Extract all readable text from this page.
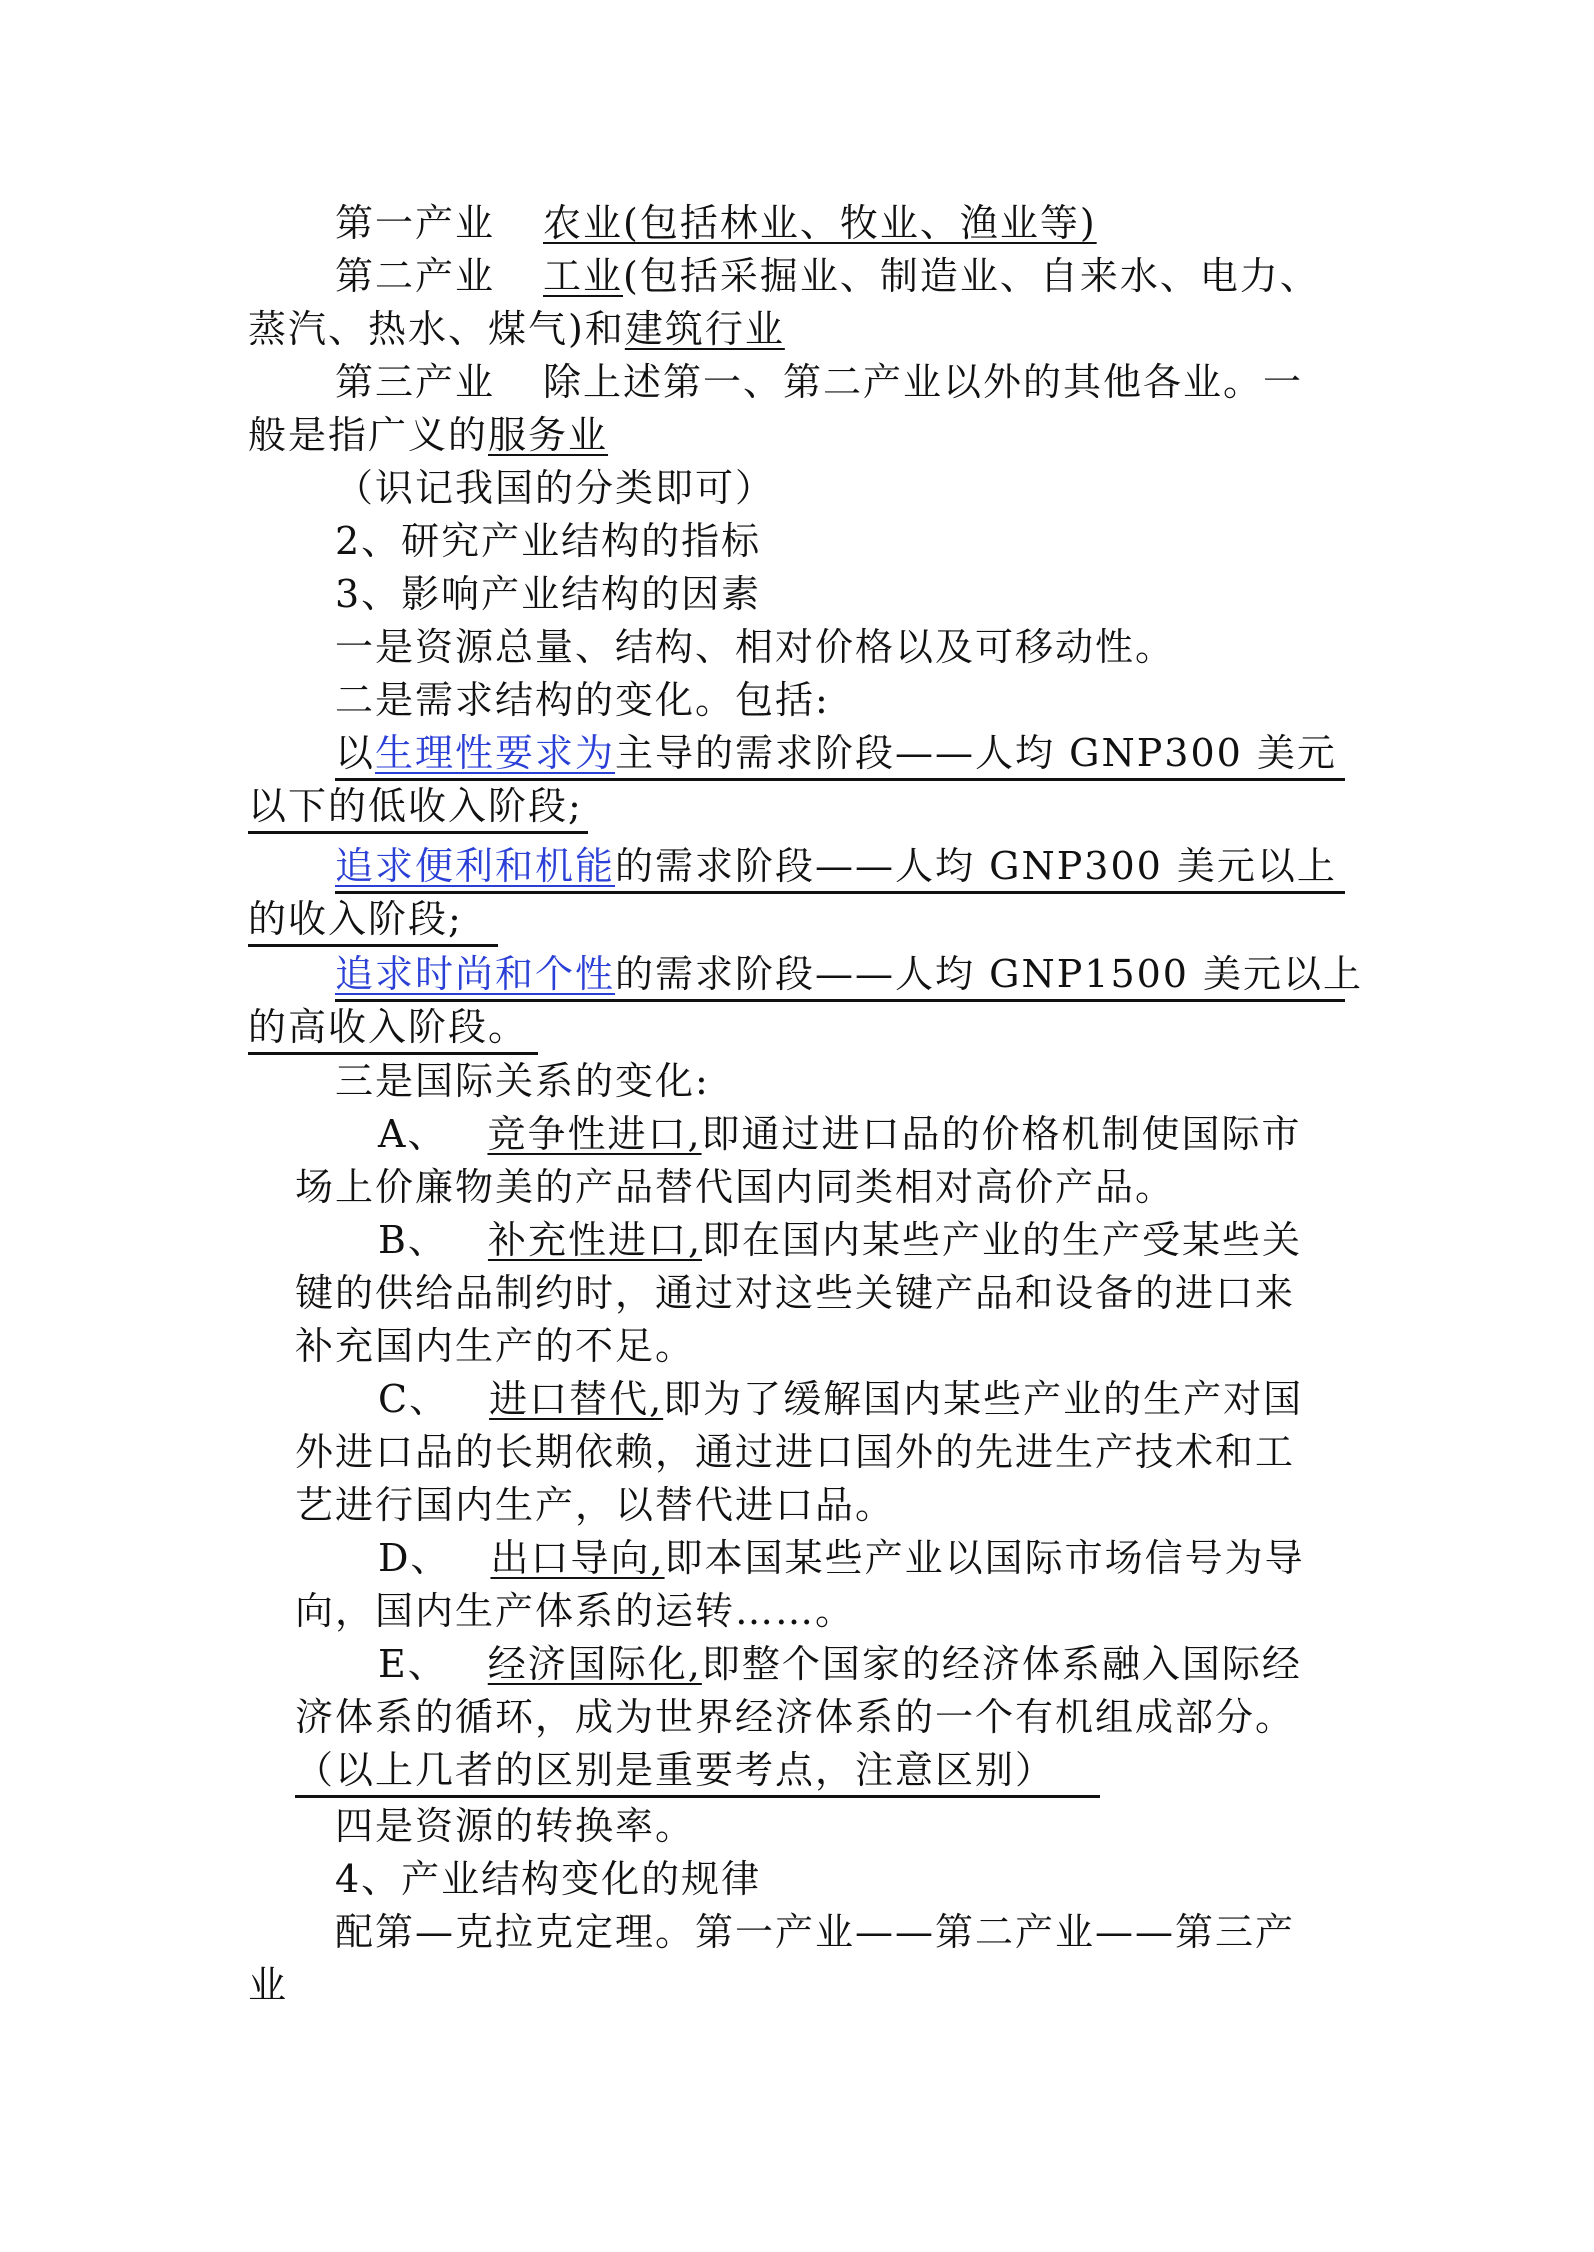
第一产业 农业(包括林业、牧业、渔业等)
第二产业 工业(包括采掘业、制造业、自来水、电力、
蒸汽、热水、煤气)和建筑行业
第三产业 除上述第一、第二产业以外的其他各业。一
般是指广义的服务业
（识记我国的分类即可）
2、研究产业结构的指标
3、影响产业结构的因素
一是资源总量、结构、相对价格以及可移动性。
二是需求结构的变化。包括:
以生理性要求为主导的需求阶段——人均 GNP300 美元
以下的低收入阶段;
追求便利和机能的需求阶段——人均 GNP300 美元以上
的收入阶段;
追求时尚和个性的需求阶段——人均 GNP1500 美元以上
的高收入阶段。
三是国际关系的变化:
A、 竞争性进口,即通过进口品的价格机制使国际市
场上价廉物美的产品替代国内同类相对高价产品。
B、 补充性进口,即在国内某些产业的生产受某些关
键的供给品制约时，通过对这些关键产品和设备的进口来
补充国内生产的不足。
C、 进口替代,即为了缓解国内某些产业的生产对国
外进口品的长期依赖，通过进口国外的先进生产技术和工
艺进行国内生产，以替代进口品。
D、 出口导向,即本国某些产业以国际市场信号为导
向，国内生产体系的运转……。
E、 经济国际化,即整个国家的经济体系融入国际经
济体系的循环，成为世界经济体系的一个有机组成部分。
（以上几者的区别是重要考点，注意区别）
四是资源的转换率。
4、产业结构变化的规律
配第—克拉克定理。第一产业——第二产业——第三产
业
